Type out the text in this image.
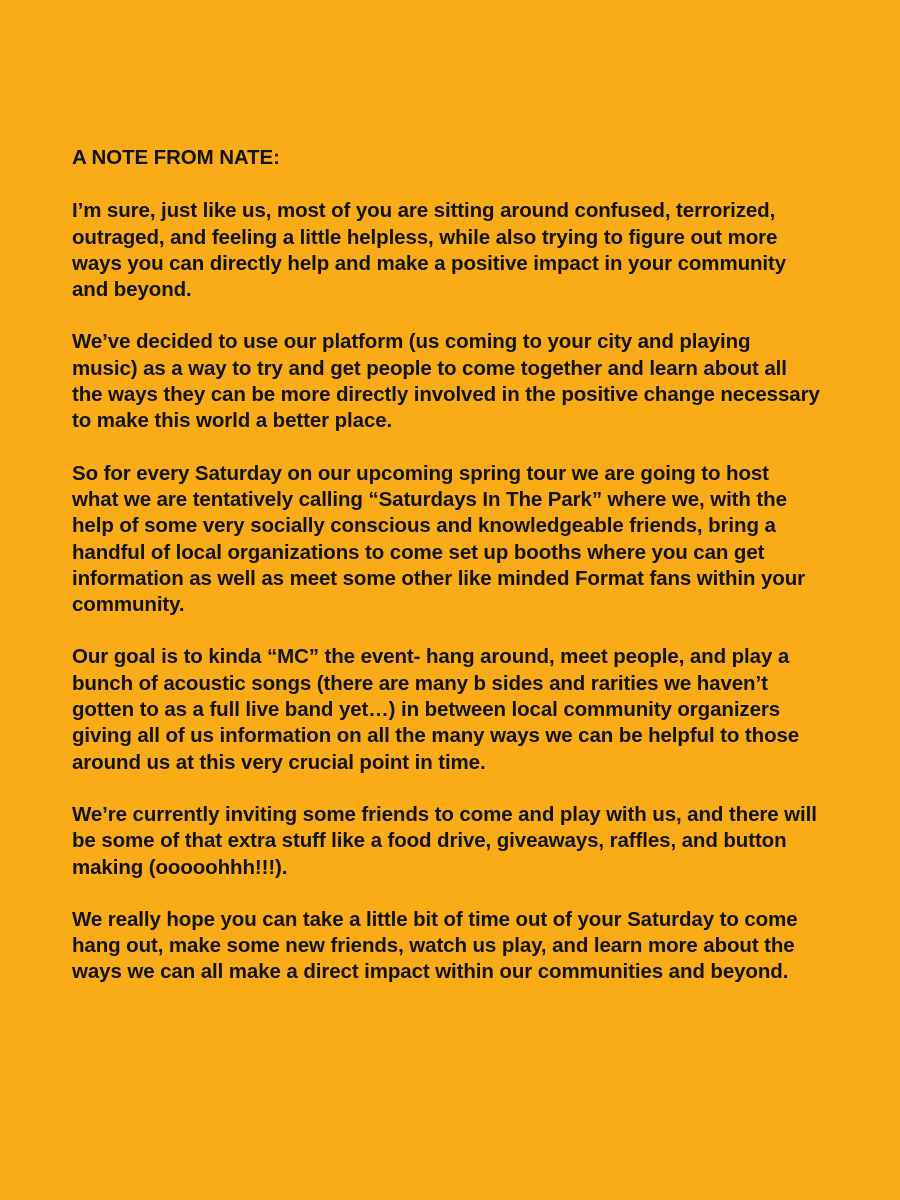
A NOTE FROM NATE:

I’m sure, just like us, most of you are sitting around confused, terrorized, outraged, and feeling a little helpless, while also trying to figure out more ways you can directly help and make a positive impact in your community and beyond.

We’ve decided to use our platform (us coming to your city and playing music) as a way to try and get people to come together and learn about all the ways they can be more directly involved in the positive change necessary to make this world a better place.

So for every Saturday on our upcoming spring tour we are going to host what we are tentatively calling “Saturdays In The Park” where we, with the help of some very socially conscious and knowledgeable friends, bring a handful of local organizations to come set up booths where you can get information as well as meet some other like minded Format fans within your community.

Our goal is to kinda “MC” the event- hang around, meet people, and play a bunch of acoustic songs (there are many b sides and rarities we haven’t gotten to as a full live band yet…) in between local community organizers giving all of us information on all the many ways we can be helpful to those around us at this very crucial point in time.

We’re currently inviting some friends to come and play with us, and there will be some of that extra stuff like a food drive, giveaways, raffles, and button making (ooooohhh!!!).

We really hope you can take a little bit of time out of your Saturday to come hang out, make some new friends, watch us play, and learn more about the ways we can all make a direct impact within our communities and beyond.
